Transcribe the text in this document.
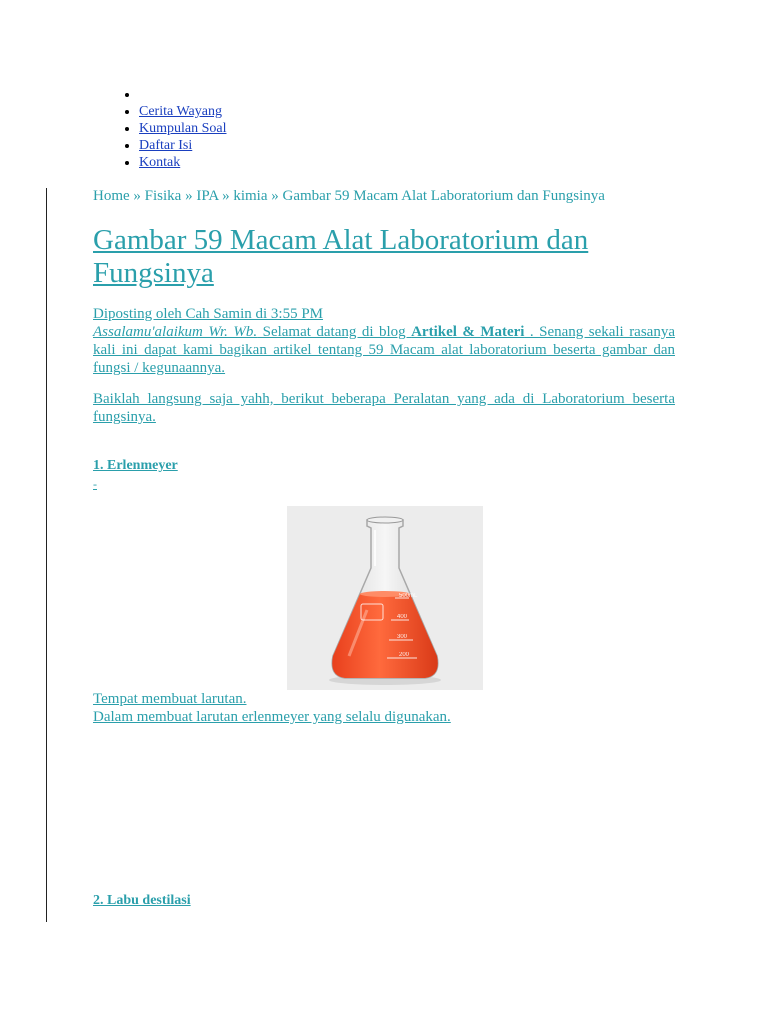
•
• Cerita Wayang
• Kumpulan Soal
• Daftar Isi
• Kontak
Home » Fisika » IPA » kimia » Gambar 59 Macam Alat Laboratorium dan Fungsinya
Gambar 59 Macam Alat Laboratorium dan Fungsinya
Diposting oleh Cah Samin di 3:55 PM
Assalamu'alaikum Wr. Wb. Selamat datang di blog Artikel & Materi . Senang sekali rasanya kali ini dapat kami bagikan artikel tentang 59 Macam alat laboratorium beserta gambar dan fungsi / kegunaannya.
Baiklah langsung saja yahh, berikut beberapa Peralatan yang ada di Laboratorium beserta fungsinya.
1. Erlenmeyer
-
500mL
400
300
200
Tempat membuat larutan.
Dalam membuat larutan erlenmeyer yang selalu digunakan.
2. Labu destilasi
